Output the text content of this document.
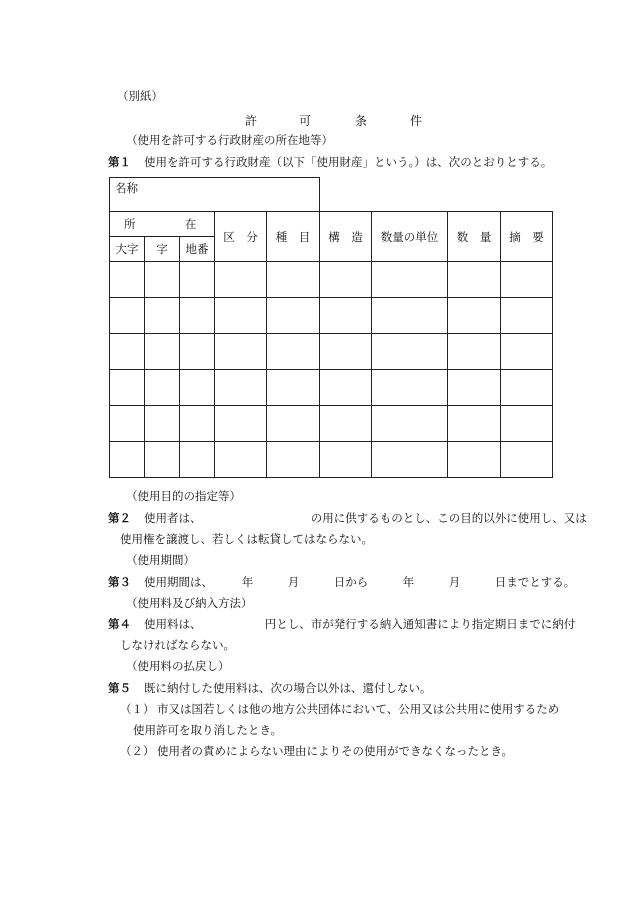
（別紙）
許	可	条	件
（使用を許可する行政財産の所在地等）
第１ 使用を許可する行政財産（以下「使用財産」という。）は、次のとおりとする。
名称
所	在
大字	字	地番
区　分	種　目	構　造	数量の単位	数　量	摘　要
（使用目的の指定等）
第２ 使用者は、　　　　　　　　　　の用に供するものとし、この目的以外に使用し、又は
使用権を譲渡し、若しくは転貸してはならない。
（使用期間）
第３ 使用期間は、　　　年　　　月　　　日から　　　年　　　月　　　日までとする。
（使用料及び納入方法）
第４ 使用料は、　　　　　　円とし、市が発行する納入通知書により指定期日までに納付
しなければならない。
（使用料の払戻し）
第５ 既に納付した使用料は、次の場合以外は、還付しない。
（１） 市又は国若しくは他の地方公共団体において、公用又は公共用に使用するため
使用許可を取り消したとき。
（２） 使用者の責めによらない理由によりその使用ができなくなったとき。
